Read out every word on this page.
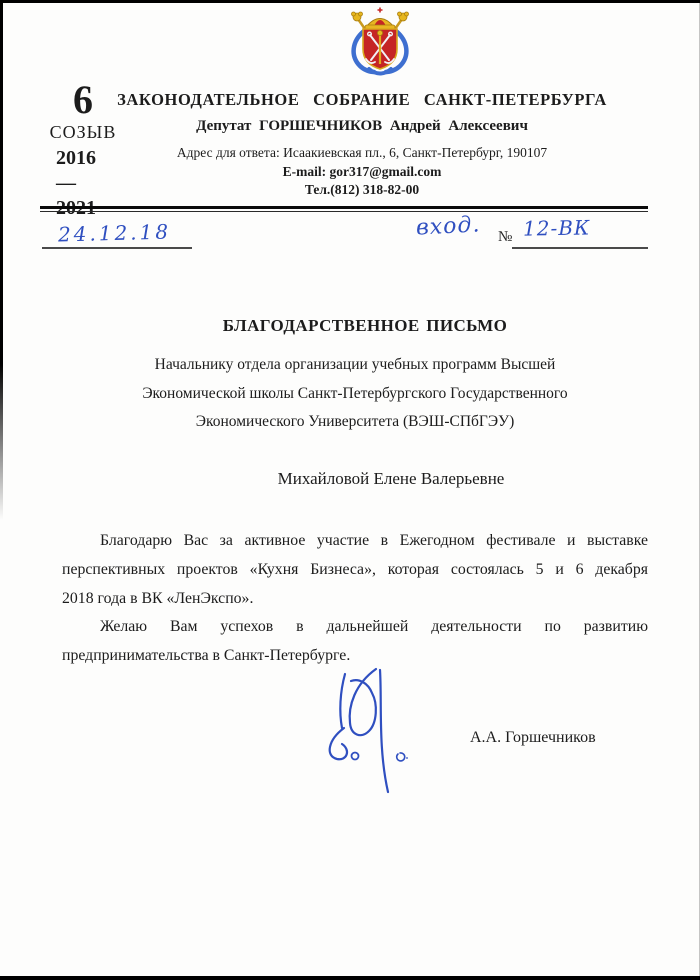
6
СОЗЫВ
2016 —
2021
ЗАКОНОДАТЕЛЬНОЕ СОБРАНИЕ САНКТ-ПЕТЕРБУРГА
Депутат ГОРШЕЧНИКОВ Андрей Алексеевич
Адрес для ответа: Исаакиевская пл., 6, Санкт-Петербург, 190107
E-mail: gor317@gmail.com
Тел.(812) 318-82-00
24.12.18	вход. № 12-ВК
БЛАГОДАРСТВЕННОЕ ПИСЬМО
Начальнику отдела организации учебных программ Высшей
Экономической школы Санкт-Петербургского Государственного
Экономического Университета (ВЭШ-СПбГЭУ)
Михайловой Елене Валерьевне
Благодарю Вас за активное участие в Ежегодном фестивале и выставке
перспективных проектов «Кухня Бизнеса», которая состоялась 5 и 6 декабря
2018 года в ВК «ЛенЭкспо».
Желаю Вам успехов в дальнейшей деятельности по развитию
предпринимательства в Санкт-Петербурге.
А.А. Горшечников
